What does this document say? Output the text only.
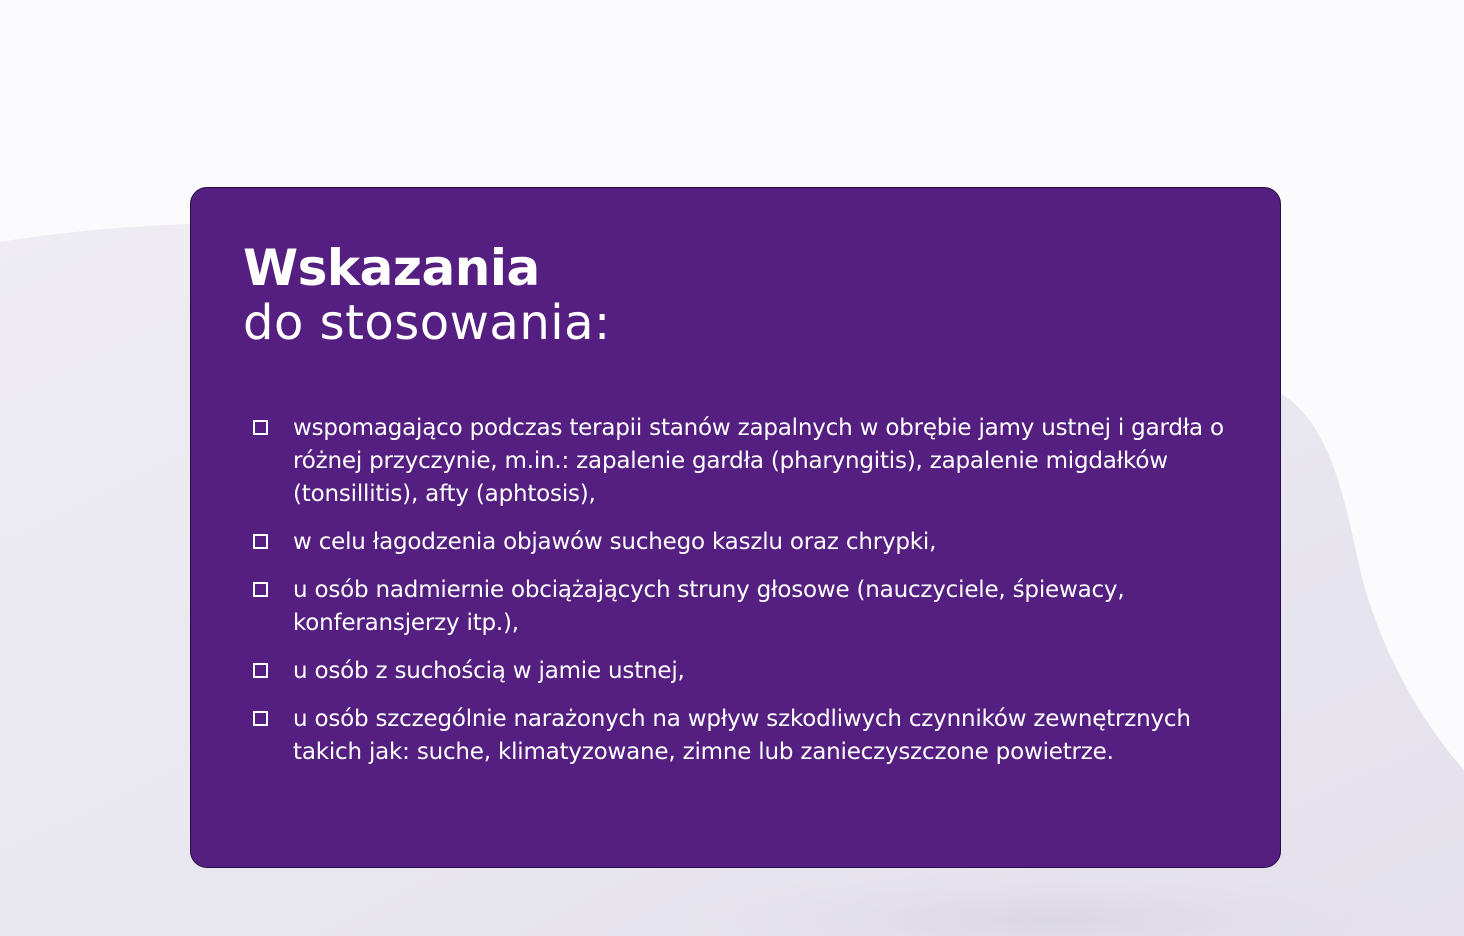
Wskazania
do stosowania:
wspomagająco podczas terapii stanów zapalnych w obrębie jamy ustnej i gardła o różnej przyczynie, m.in.: zapalenie gardła (pharyngitis), zapalenie migdałków (tonsillitis), afty (aphtosis),
w celu łagodzenia objawów suchego kaszlu oraz chrypki,
u osób nadmiernie obciążających struny głosowe (nauczyciele, śpiewacy, konferansjerzy itp.),
u osób z suchością w jamie ustnej,
u osób szczególnie narażonych na wpływ szkodliwych czynników zewnętrznych takich jak: suche, klimatyzowane, zimne lub zanieczyszczone powietrze.
